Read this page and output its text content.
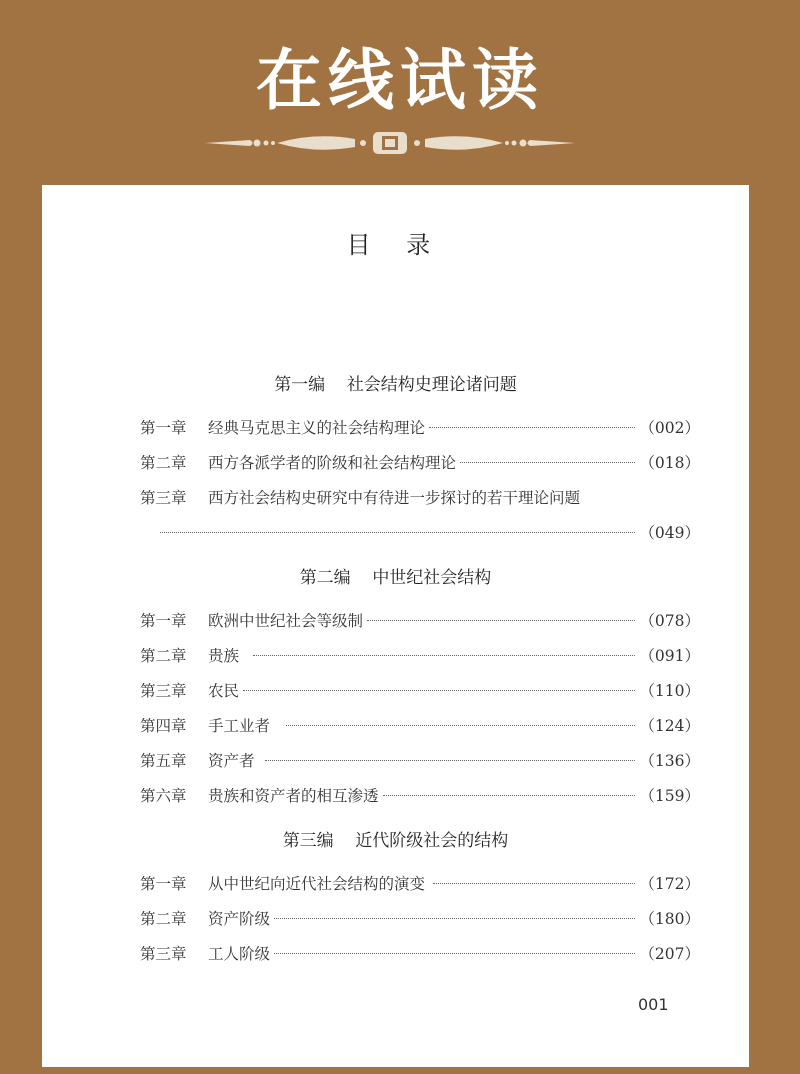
在线试读
目 录
第一编 社会结构史理论诸问题
第一章	经典马克思主义的社会结构理论	（002）
第二章	西方各派学者的阶级和社会结构理论	（018）
第三章	西方社会结构史研究中有待进一步探讨的若干理论问题
（049）
第二编 中世纪社会结构
第一章	欧洲中世纪社会等级制	（078）
第二章	贵族	（091）
第三章	农民	（110）
第四章	手工业者	（124）
第五章	资产者	（136）
第六章	贵族和资产者的相互渗透	（159）
第三编 近代阶级社会的结构
第一章	从中世纪向近代社会结构的演变	（172）
第二章	资产阶级	（180）
第三章	工人阶级	（207）
001
